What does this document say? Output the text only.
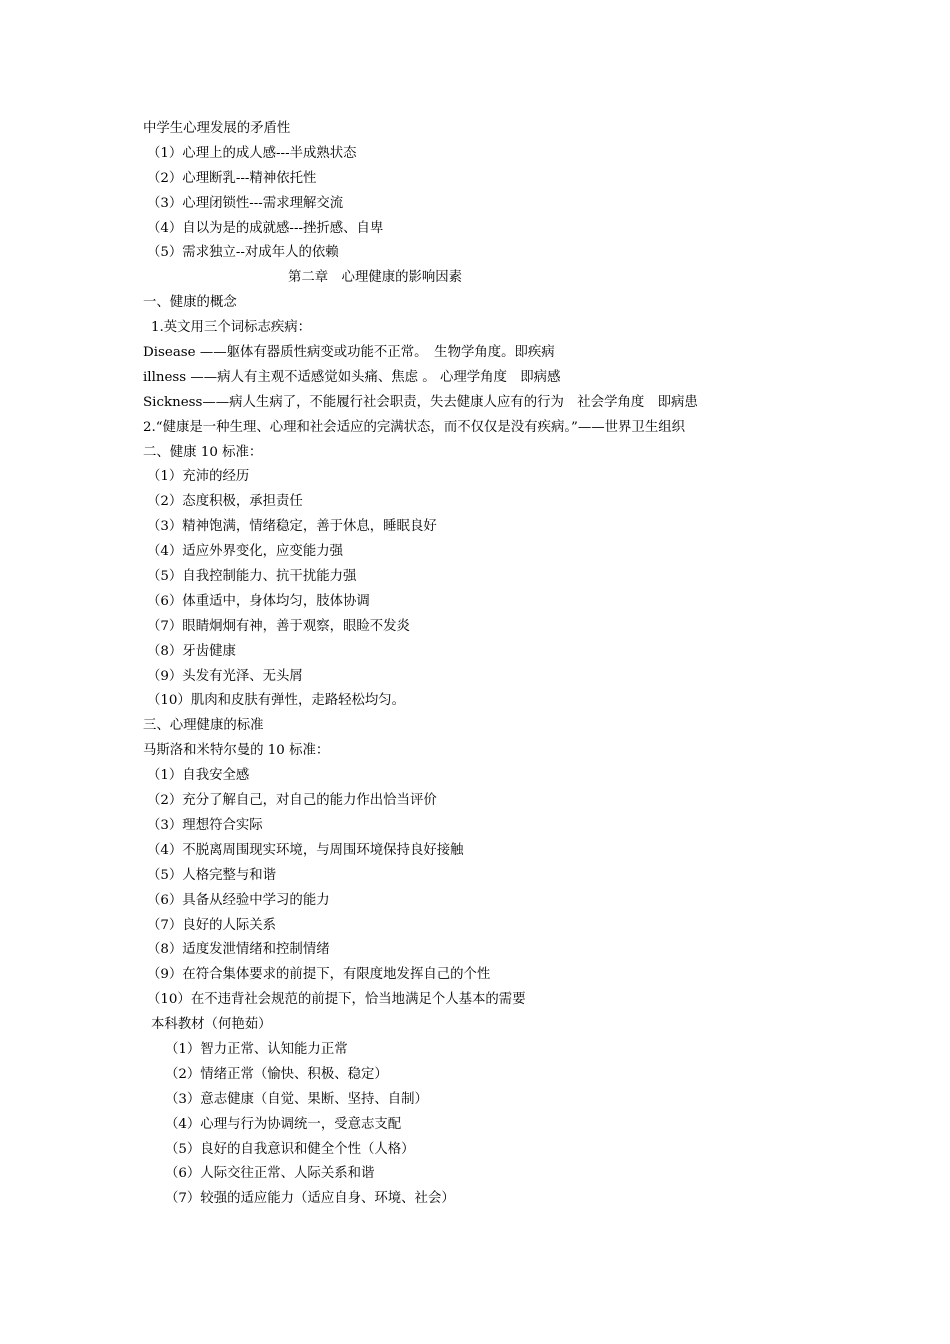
中学生心理发展的矛盾性
（1）心理上的成人感---半成熟状态
（2）心理断乳---精神依托性
（3）心理闭锁性---需求理解交流
（4）自以为是的成就感---挫折感、自卑
（5）需求独立--对成年人的依赖
第二章　心理健康的影响因素
一、健康的概念
1.英文用三个词标志疾病：
Disease ——躯体有器质性病变或功能不正常。　生物学角度。即疾病
illness ——病人有主观不适感觉如头痛、焦虑 。 心理学角度　即病感
Sickness——病人生病了，不能履行社会职责，失去健康人应有的行为　社会学角度　即病患
2.“健康是一种生理、心理和社会适应的完满状态，而不仅仅是没有疾病。”——世界卫生组织
二、健康 10 标准：
（1）充沛的经历
（2）态度积极，承担责任
（3）精神饱满，情绪稳定，善于休息，睡眠良好
（4）适应外界变化，应变能力强
（5）自我控制能力、抗干扰能力强
（6）体重适中，身体均匀，肢体协调
（7）眼睛炯炯有神，善于观察，眼睑不发炎
（8）牙齿健康
（9）头发有光泽、无头屑
（10）肌肉和皮肤有弹性，走路轻松均匀。
三、心理健康的标准
马斯洛和米特尔曼的 10 标准：
（1）自我安全感
（2）充分了解自己，对自己的能力作出恰当评价
（3）理想符合实际
（4）不脱离周围现实环境，与周围环境保持良好接触
（5）人格完整与和谐
（6）具备从经验中学习的能力
（7）良好的人际关系
（8）适度发泄情绪和控制情绪
（9）在符合集体要求的前提下，有限度地发挥自己的个性
（10）在不违背社会规范的前提下，恰当地满足个人基本的需要
本科教材（何艳茹）
（1）智力正常、认知能力正常
（2）情绪正常（愉快、积极、稳定）
（3）意志健康（自觉、果断、坚持、自制）
（4）心理与行为协调统一，受意志支配
（5）良好的自我意识和健全个性（人格）
（6）人际交往正常、人际关系和谐
（7）较强的适应能力（适应自身、环境、社会）
